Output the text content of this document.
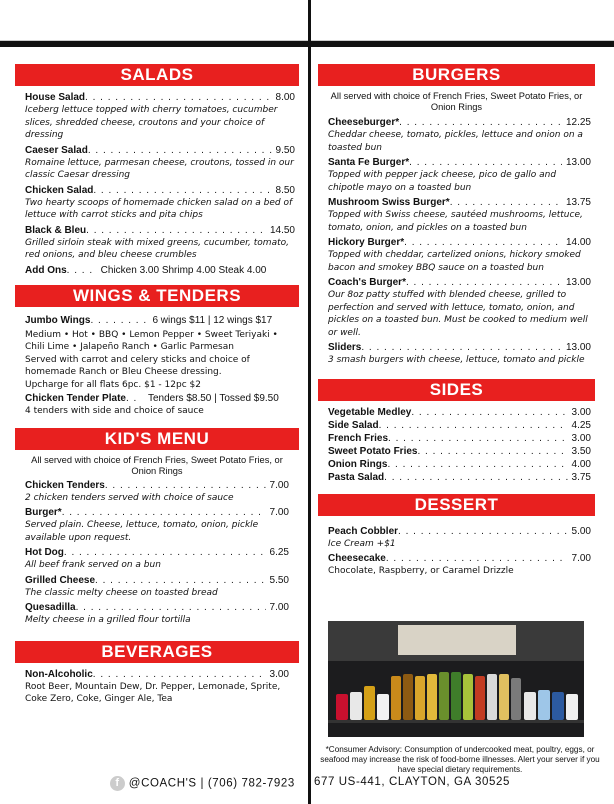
SALADS
House Salad . . .	8.00
Iceberg lettuce topped with cherry tomatoes, cucumber slices, shredded cheese, croutons and your choice of dressing
Caeser Salad . . .	9.50
Romaine lettuce, parmesan cheese, croutons, tossed in our classic Caesar dressing
Chicken Salad . . .	8.50
Two hearty scoops of homemade chicken salad on a bed of lettuce with carrot sticks and pita chips
Black & Bleu . . .	14.50
Grilled sirloin steak with mixed greens, cucumber, tomato, red onions, and bleu cheese crumbles
Add Ons . . .	Chicken 3.00 Shrimp 4.00 Steak 4.00
WINGS & TENDERS
Jumbo Wings . . .	6 wings $11 | 12 wings $17
Medium • Hot • BBQ • Lemon Pepper • Sweet Teriyaki •
Chili Lime • Jalapeño Ranch • Garlic Parmesan
Served with carrot and celery sticks and choice of homemade Ranch or Bleu Cheese dressing.
Upcharge for all flats 6pc. $1 - 12pc $2
Chicken Tender Plate . . .	Tenders $8.50 | Tossed $9.50
4 tenders with side and choice of sauce
KID'S MENU
All served with choice of French Fries, Sweet Potato Fries, or Onion Rings
Chicken Tenders . . .	7.00
2 chicken tenders served with choice of sauce
Burger* . . .	7.00
Served plain. Cheese, lettuce, tomato, onion, pickle available upon request.
Hot Dog . . .	6.25
All beef frank served on a bun
Grilled Cheese . . .	5.50
The classic melty cheese on toasted bread
Quesadilla . . .	7.00
Melty cheese in a grilled flour tortilla
BEVERAGES
Non-Alcoholic . . .	3.00
Root Beer, Mountain Dew, Dr. Pepper, Lemonade, Sprite, Coke Zero, Coke, Ginger Ale, Tea
BURGERS
All served with choice of French Fries, Sweet Potato Fries, or Onion Rings
Cheeseburger* . . .	12.25
Cheddar cheese, tomato, pickles, lettuce and onion on a toasted bun
Santa Fe Burger* . . .	13.00
Topped with pepper jack cheese, pico de gallo and chipotle mayo on a toasted bun
Mushroom Swiss Burger* . . .	13.75
Topped with Swiss cheese, sautéed mushrooms, lettuce, tomato, onion, and pickles on a toasted bun
Hickory Burger* . . .	14.00
Topped with cheddar, cartelized onions, hickory smoked bacon and smokey BBQ sauce on a toasted bun
Coach's Burger* . . .	13.00
Our 8oz patty stuffed with blended cheese, grilled to perfection and served with lettuce, tomato, onion, and pickles on a toasted bun. Must be cooked to medium well or well.
Sliders . . .	13.00
3 smash burgers with cheese, lettuce, tomato and pickle
SIDES
Vegetable Medley . . .	3.00
Side Salad . . .	4.25
French Fries . . .	3.00
Sweet Potato Fries . . .	3.50
Onion Rings . . .	4.00
Pasta Salad . . .	3.75
DESSERT
Peach Cobbler . . .	5.00
Ice Cream +$1
Cheesecake . . .	7.00
Chocolate, Raspberry, or Caramel Drizzle
*Consumer Advisory: Consumption of undercooked meat, poultry, eggs, or seafood may increase the risk of food-borne illnesses. Alert your server if you have special dietary requirements.
f @COACH'S | (706) 782-7923 677 US-441, CLAYTON, GA 30525
